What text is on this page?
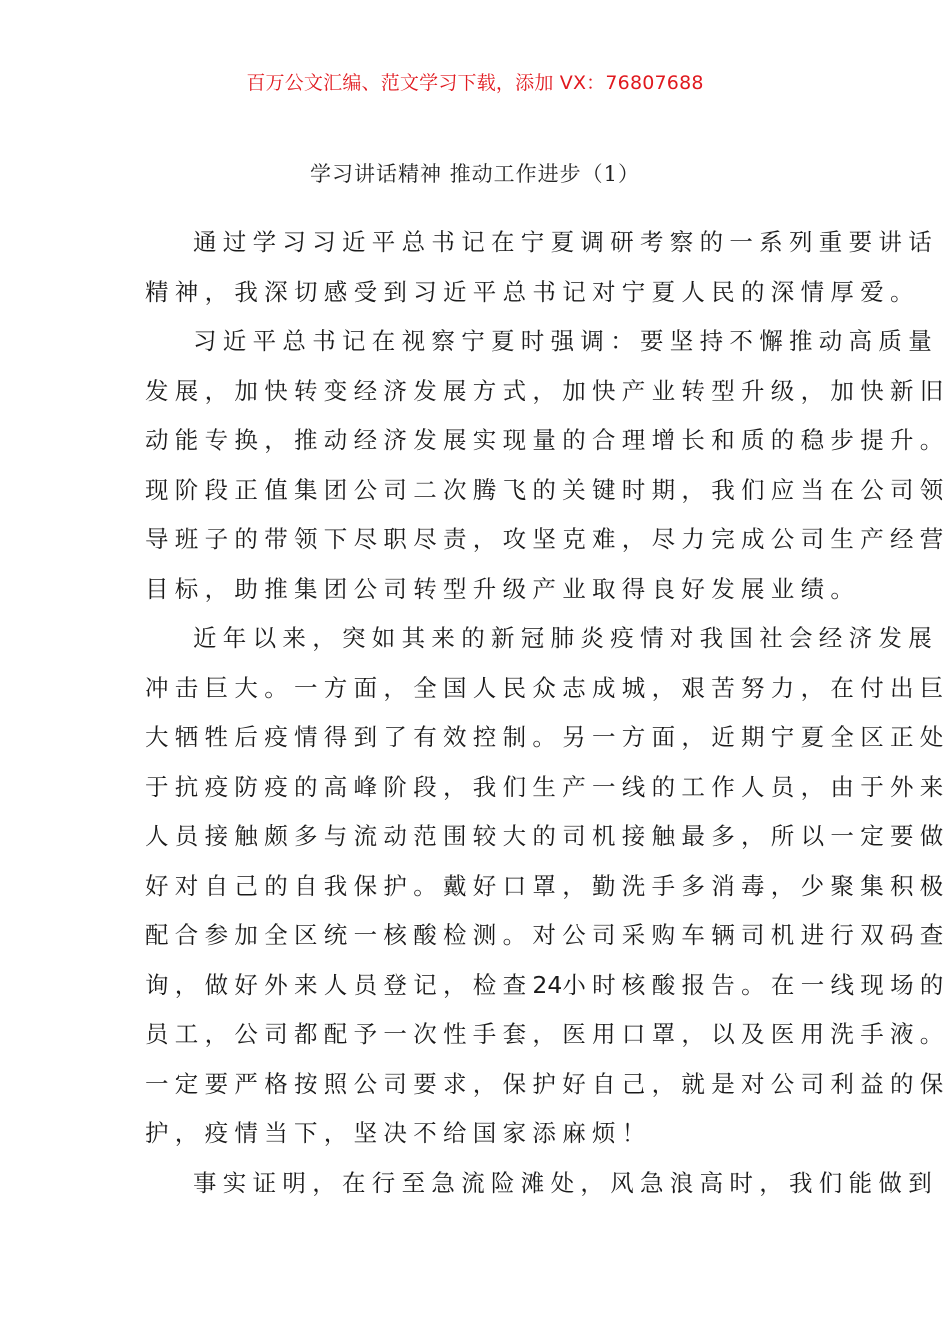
百万公文汇编、范文学习下载，添加 VX：76807688
学习讲话精神 推动工作进步（1）
通过学习习近平总书记在宁夏调研考察的一系列重要讲话
精神，我深切感受到习近平总书记对宁夏人民的深情厚爱。
习近平总书记在视察宁夏时强调：要坚持不懈推动高质量
发展，加快转变经济发展方式，加快产业转型升级，加快新旧
动能专换，推动经济发展实现量的合理增长和质的稳步提升。
现阶段正值集团公司二次腾飞的关键时期，我们应当在公司领
导班子的带领下尽职尽责，攻坚克难，尽力完成公司生产经营
目标，助推集团公司转型升级产业取得良好发展业绩。
近年以来，突如其来的新冠肺炎疫情对我国社会经济发展
冲击巨大。一方面，全国人民众志成城，艰苦努力，在付出巨
大牺牲后疫情得到了有效控制。另一方面，近期宁夏全区正处
于抗疫防疫的高峰阶段，我们生产一线的工作人员，由于外来
人员接触颇多与流动范围较大的司机接触最多，所以一定要做
好对自己的自我保护。戴好口罩，勤洗手多消毒，少聚集积极
配合参加全区统一核酸检测。对公司采购车辆司机进行双码查
询，做好外来人员登记，检查24小时核酸报告。在一线现场的
员工，公司都配予一次性手套，医用口罩，以及医用洗手液。
一定要严格按照公司要求，保护好自己，就是对公司利益的保
护，疫情当下，坚决不给国家添麻烦！
事实证明，在行至急流险滩处，风急浪高时，我们能做到
